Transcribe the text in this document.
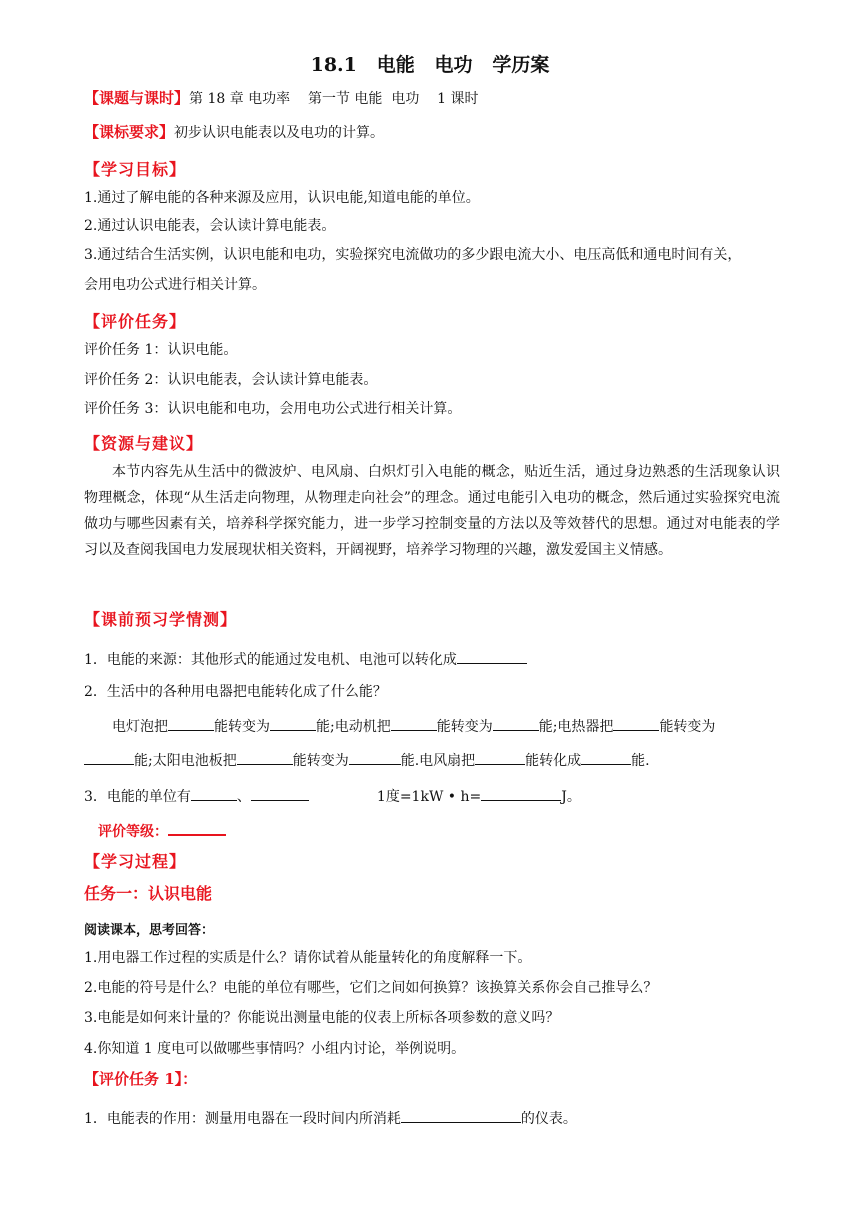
18.1   电能   电功   学历案
【课题与课时】第 18 章 电功率    第一节 电能  电功    1 课时
【课标要求】初步认识电能表以及电功的计算。
【学习目标】
1.通过了解电能的各种来源及应用，认识电能,知道电能的单位。
2.通过认识电能表，会认读计算电能表。
3.通过结合生活实例，认识电能和电功，实验探究电流做功的多少跟电流大小、电压高低和通电时间有关，
会用电功公式进行相关计算。
【评价任务】
评价任务 1：认识电能。
评价任务 2：认识电能表，会认读计算电能表。
评价任务 3：认识电能和电功，会用电功公式进行相关计算。
【资源与建议】
本节内容先从生活中的微波炉、电风扇、白炽灯引入电能的概念，贴近生活，通过身边熟悉的生活现象认识物理概念，体现“从生活走向物理，从物理走向社会”的理念。通过电能引入电功的概念，然后通过实验探究电流做功与哪些因素有关，培养科学探究能力，进一步学习控制变量的方法以及等效替代的思想。通过对电能表的学习以及查阅我国电力发展现状相关资料，开阔视野，培养学习物理的兴趣，激发爱国主义情感。
【课前预习学情测】
1．电能的来源：其他形式的能通过发电机、电池可以转化成
2．生活中的各种用电器把电能转化成了什么能？
电灯泡把	能转变为	能;电动机把	能转变为	能;电热器把	能转变为
能;太阳电池板把	能转变为	能.电风扇把	能转化成	能.
3．电能的单位有	、	1度=1kW • h=	J。
评价等级：
【学习过程】
任务一：认识电能
阅读课本，思考回答：
1.用电器工作过程的实质是什么？请你试着从能量转化的角度解释一下。
2.电能的符号是什么？电能的单位有哪些，它们之间如何换算？该换算关系你会自己推导么？
3.电能是如何来计量的？你能说出测量电能的仪表上所标各项参数的意义吗？
4.你知道 1 度电可以做哪些事情吗？小组内讨论，举例说明。
【评价任务 1】：
1．电能表的作用：测量用电器在一段时间内所消耗	的仪表。
